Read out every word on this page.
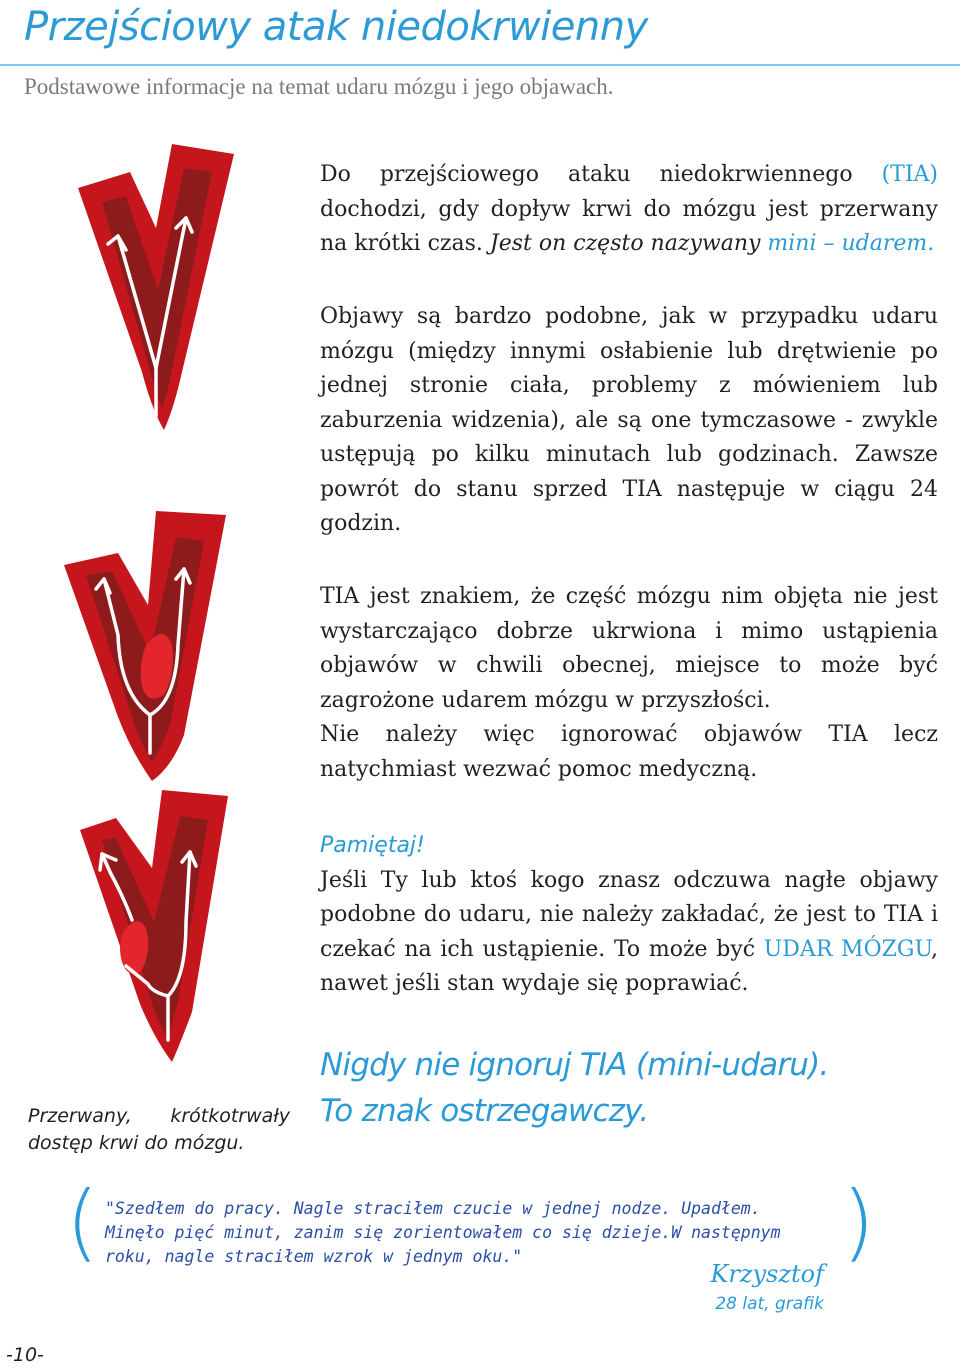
Przejściowy atak niedokrwienny
Podstawowe informacje na temat udaru mózgu i jego objawach.

Do przejściowego ataku niedokrwiennego (TIA) dochodzi, gdy dopływ krwi do mózgu jest przerwany na krótki czas. Jest on często nazywany mini – udarem.

Objawy są bardzo podobne, jak w przypadku udaru mózgu (między innymi osłabienie lub drętwienie po jednej stronie ciała, problemy z mówieniem lub zaburzenia widzenia), ale są one tymczasowe - zwykle ustępują po kilku minutach lub godzinach. Zawsze powrót do stanu sprzed TIA następuje w ciągu 24 godzin.

TIA jest znakiem, że część mózgu nim objęta nie jest wystarczająco dobrze ukrwiona i mimo ustąpienia objawów w chwili obecnej, miejsce to może być zagrożone udarem mózgu w przyszłości.

Nie należy więc ignorować objawów TIA lecz natychmiast wezwać pomoc medyczną.

Pamiętaj!

Jeśli Ty lub ktoś kogo znasz odczuwa nagłe objawy podobne do udaru, nie należy zakładać, że jest to TIA i czekać na ich ustąpienie. To może być UDAR MÓZGU, nawet jeśli stan wydaje się poprawiać.

Nigdy nie ignoruj TIA (mini-udaru).
To znak ostrzegawczy.
Przerwany, krótkotrwały
dostęp krwi do mózgu.
( "Szedłem do pracy. Nagle straciłem czucie w jednej nodze. Upadłem. Minęło pięć minut, zanim się zorientowałem co się dzieje.W następnym roku, nagle straciłem wzrok w jednym oku."	)
Krzysztof
28 lat, grafik
-10-
